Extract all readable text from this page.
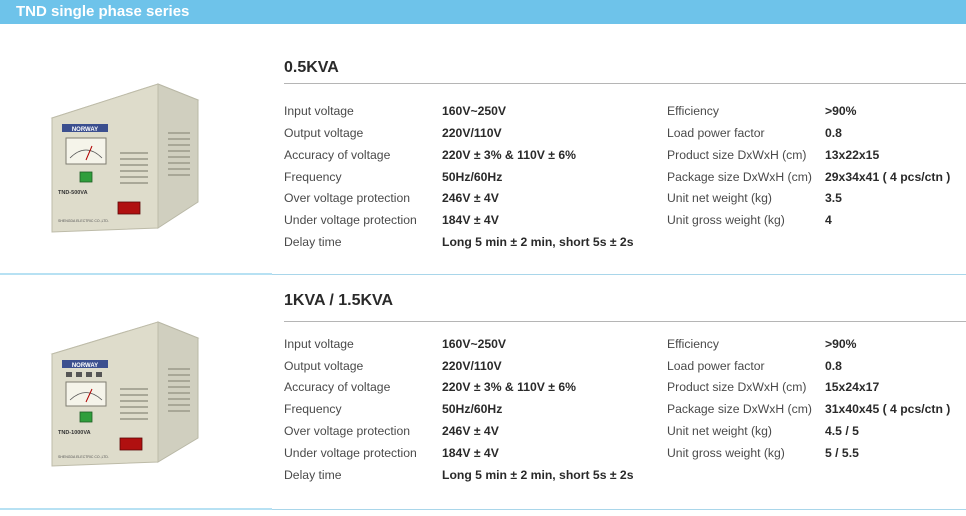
TND single phase series
NORWAY
TND-500VA
SHENGDA ELECTRIC CO.,LTD.
0.5KVA
Input voltage	160V~250V
Output voltage	220V/110V
Accuracy of voltage	220V ± 3% & 110V ± 6%
Frequency	50Hz/60Hz
Over voltage protection	246V ± 4V
Under voltage protection 184V ± 4V
Delay time	Long 5 min ± 2 min, short 5s ± 2s
Efficiency	>90%
Load power factor	0.8
Product size DxWxH (cm) 13x22x15
Package size DxWxH (cm) 29x34x41 ( 4 pcs/ctn )
Unit net weight (kg)	3.5
Unit gross weight (kg)	4
NORWAY
TND-1000VA
SHENGDA ELECTRIC CO.,LTD.
1KVA / 1.5KVA
Input voltage	160V~250V
Output voltage	220V/110V
Accuracy of voltage	220V ± 3% & 110V ± 6%
Frequency	50Hz/60Hz
Over voltage protection	246V ± 4V
Under voltage protection 184V ± 4V
Delay time	Long 5 min ± 2 min, short 5s ± 2s
Efficiency	>90%
Load power factor	0.8
Product size DxWxH (cm) 15x24x17
Package size DxWxH (cm) 31x40x45 ( 4 pcs/ctn )
Unit net weight (kg)	4.5 / 5
Unit gross weight (kg)	5 / 5.5
